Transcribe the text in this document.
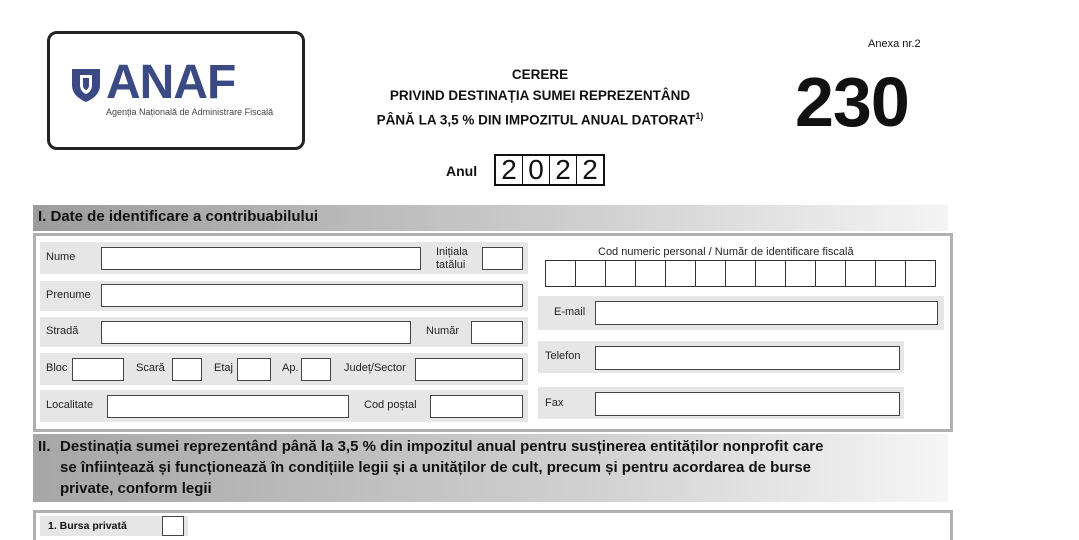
ANAF
Agenția Națională de Administrare Fiscală
Anexa nr.2
230
CERERE
PRIVIND DESTINAȚIA SUMEI REPREZENTÂND
PÂNĂ LA 3,5 % DIN IMPOZITUL ANUAL DATORAT$^{1)}$
Anul 2 0 2 2
I. Date de identificare a contribuabilului
Nume	Inițiala
tatălui
Prenume
Stradă	Număr
Bloc	Scară	Etaj	Ap.	Județ/Sector
Localitate	Cod poștal
Cod numeric personal / Număr de identificare fiscală
E-mail
Telefon
Fax
II. Destinația sumei reprezentând până la 3,5 % din impozitul anual pentru susținerea entităților nonprofit care
se înființează și funcționează în condițiile legii și a unităților de cult, precum și pentru acordarea de burse
private, conform legii
1. Bursa privată
